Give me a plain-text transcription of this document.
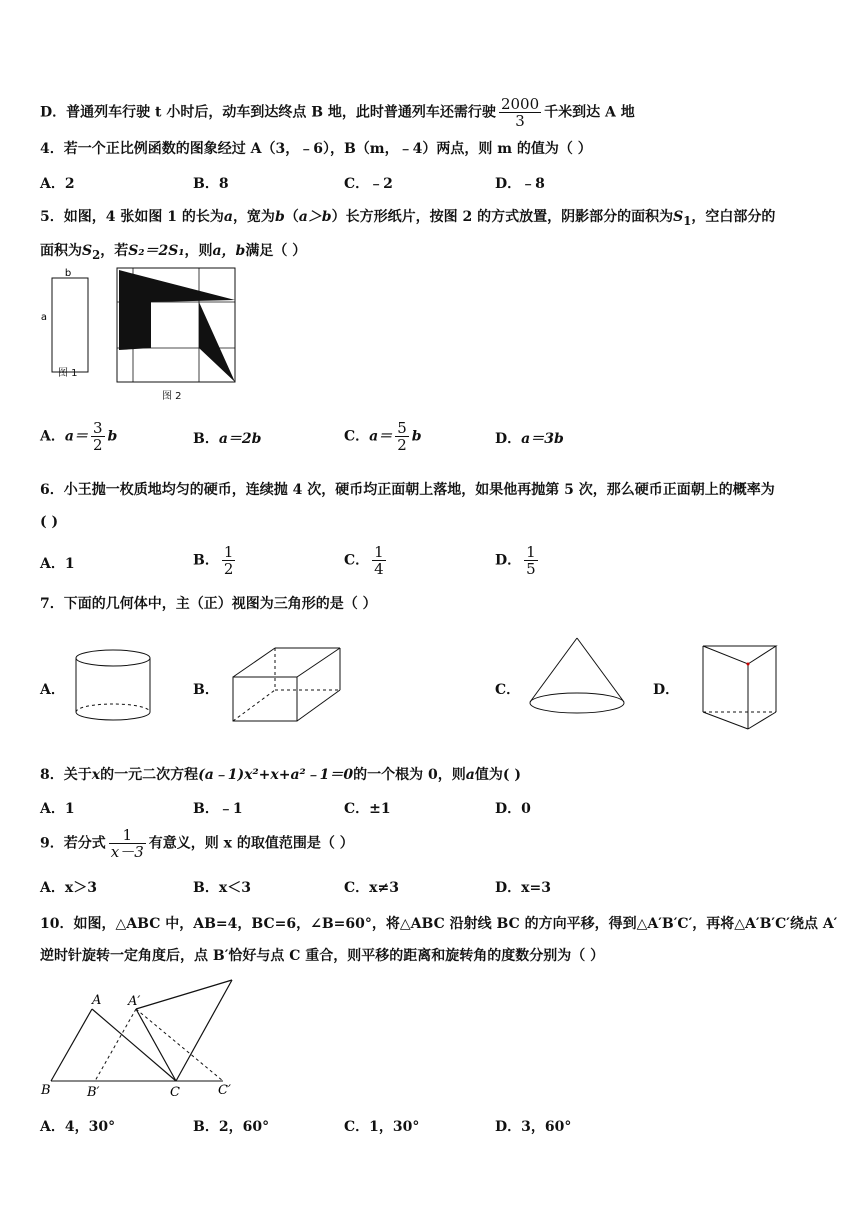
D．普通列车行驶 t 小时后，动车到达终点 B 地，此时普通列车还需行驶 $\frac{2000}{3}$ 千米到达 A 地
4．若一个正比例函数的图象经过 A（3，﹣6），B（m，﹣4）两点，则 m 的值为（ ）
A．2	B．8	C．﹣2	D．﹣8
5．如图，4 张如图 1 的长为a，宽为b（a＞b）长方形纸片，按图 2 的方式放置，阴影部分的面积为$S_1$，空白部分的
面积为$S_2$，若S₂＝2S₁，则a，b满足（ ）
b
a
图 1
图 2
A．$a= \frac{3}{2}$ b	B．a＝2b	C．$a= \frac{5}{2}$ b	D．a＝3b
6．小王抛一枚质地均匀的硬币，连续抛 4 次，硬币均正面朝上落地，如果他再抛第 5 次，那么硬币正面朝上的概率为
( )
A．1	B． $\frac{1}{2}$	C． $\frac{1}{4}$	D． $\frac{1}{5}$
7．下面的几何体中，主（正）视图为三角形的是（ ）
A．	B．	C．	D．
8．关于x的一元二次方程(a﹣1)x²+x+a²﹣1＝0的一个根为 0，则a值为( )
A．1	B．﹣1	C．±1	D．0
9．若分式 $\frac{1}{x-3}$ 有意义，则 x 的取值范围是（ ）
A．x＞3	B．x＜3	C．x≠3	D．x=3
10．如图，△ABC 中，AB=4，BC=6，∠B=60°，将△ABC 沿射线 BC 的方向平移，得到△A′B′C′，再将△A′B′C′绕点 A′
逆时针旋转一定角度后，点 B′恰好与点 C 重合，则平移的距离和旋转角的度数分别为（ ）
A A′
B	B′	C	C′
A．4，30°	B．2，60°	C．1，30°	D．3，60°
